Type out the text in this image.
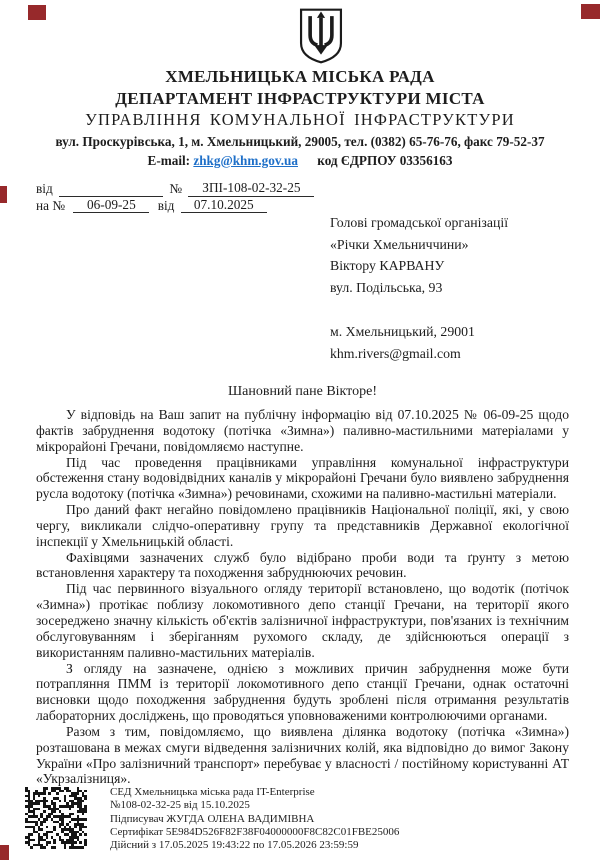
ХМЕЛЬНИЦЬКА МІСЬКА РАДА
ДЕПАРТАМЕНТ ІНФРАСТРУКТУРИ МІСТА
УПРАВЛІННЯ КОМУНАЛЬНОЇ ІНФРАСТРУКТУРИ
вул. Проскурівська, 1, м. Хмельницький, 29005, тел. (0382) 65-76-76, факс 79-52-37
E-mail: zhkg@khm.gov.ua код ЄДРПОУ 03356163
від	№ ЗПІ-108-02-32-25
на № 06-09-25 від 07.10.2025
Голові громадської організації
«Річки Хмельниччини»
Віктору КАРВАНУ
вул. Подільська, 93
м. Хмельницький, 29001
khm.rivers@gmail.com
Шановний пане Вікторе!

У відповідь на Ваш запит на публічну інформацію від 07.10.2025 № 06-09-25 щодо фактів забруднення водотоку (потічка «Зимна») паливно-мастильними матеріалами у мікрорайоні Гречани, повідомляємо наступне.

Під час проведення працівниками управління комунальної інфраструктури обстеження стану водовідвідних каналів у мікрорайоні Гречани було виявлено забруднення русла водотоку (потічка «Зимна») речовинами, схожими на паливно-мастильні матеріали.

Про даний факт негайно повідомлено працівників Національної поліції, які, у свою чергу, викликали слідчо-оперативну групу та представників Державної екологічної інспекції у Хмельницькій області.

Фахівцями зазначених служб було відібрано проби води та ґрунту з метою встановлення характеру та походження забруднюючих речовин.

Під час первинного візуального огляду території встановлено, що водотік (потічок «Зимна») протікає поблизу локомотивного депо станції Гречани, на території якого зосереджено значну кількість об'єктів залізничної інфраструктури, пов'язаних із технічним обслуговуванням і зберіганням рухомого складу, де здійснюються операції з використанням паливно-мастильних матеріалів.

З огляду на зазначене, однією з можливих причин забруднення може бути потрапляння ПММ із території локомотивного депо станції Гречани, однак остаточні висновки щодо походження забруднення будуть зроблені після отримання результатів лабораторних досліджень, що проводяться уповноваженими контролюючими органами.

Разом з тим, повідомляємо, що виявлена ділянка водотоку (потічка «Зимна») розташована в межах смуги відведення залізничних колій, яка відповідно до вимог Закону України «Про залізничний транспорт» перебуває у власності / постійному користуванні АТ «Укрзалізниця».

СЕД Хмельницька міська рада IT-Enterprise
№108-02-32-25 від 15.10.2025
Підписувач ЖУГДА ОЛЕНА ВАДИМІВНА
Сертифікат 5E984D526F82F38F04000000F8C82C01FBE25006
Дійсний з 17.05.2025 19:43:22 по 17.05.2026 23:59:59
